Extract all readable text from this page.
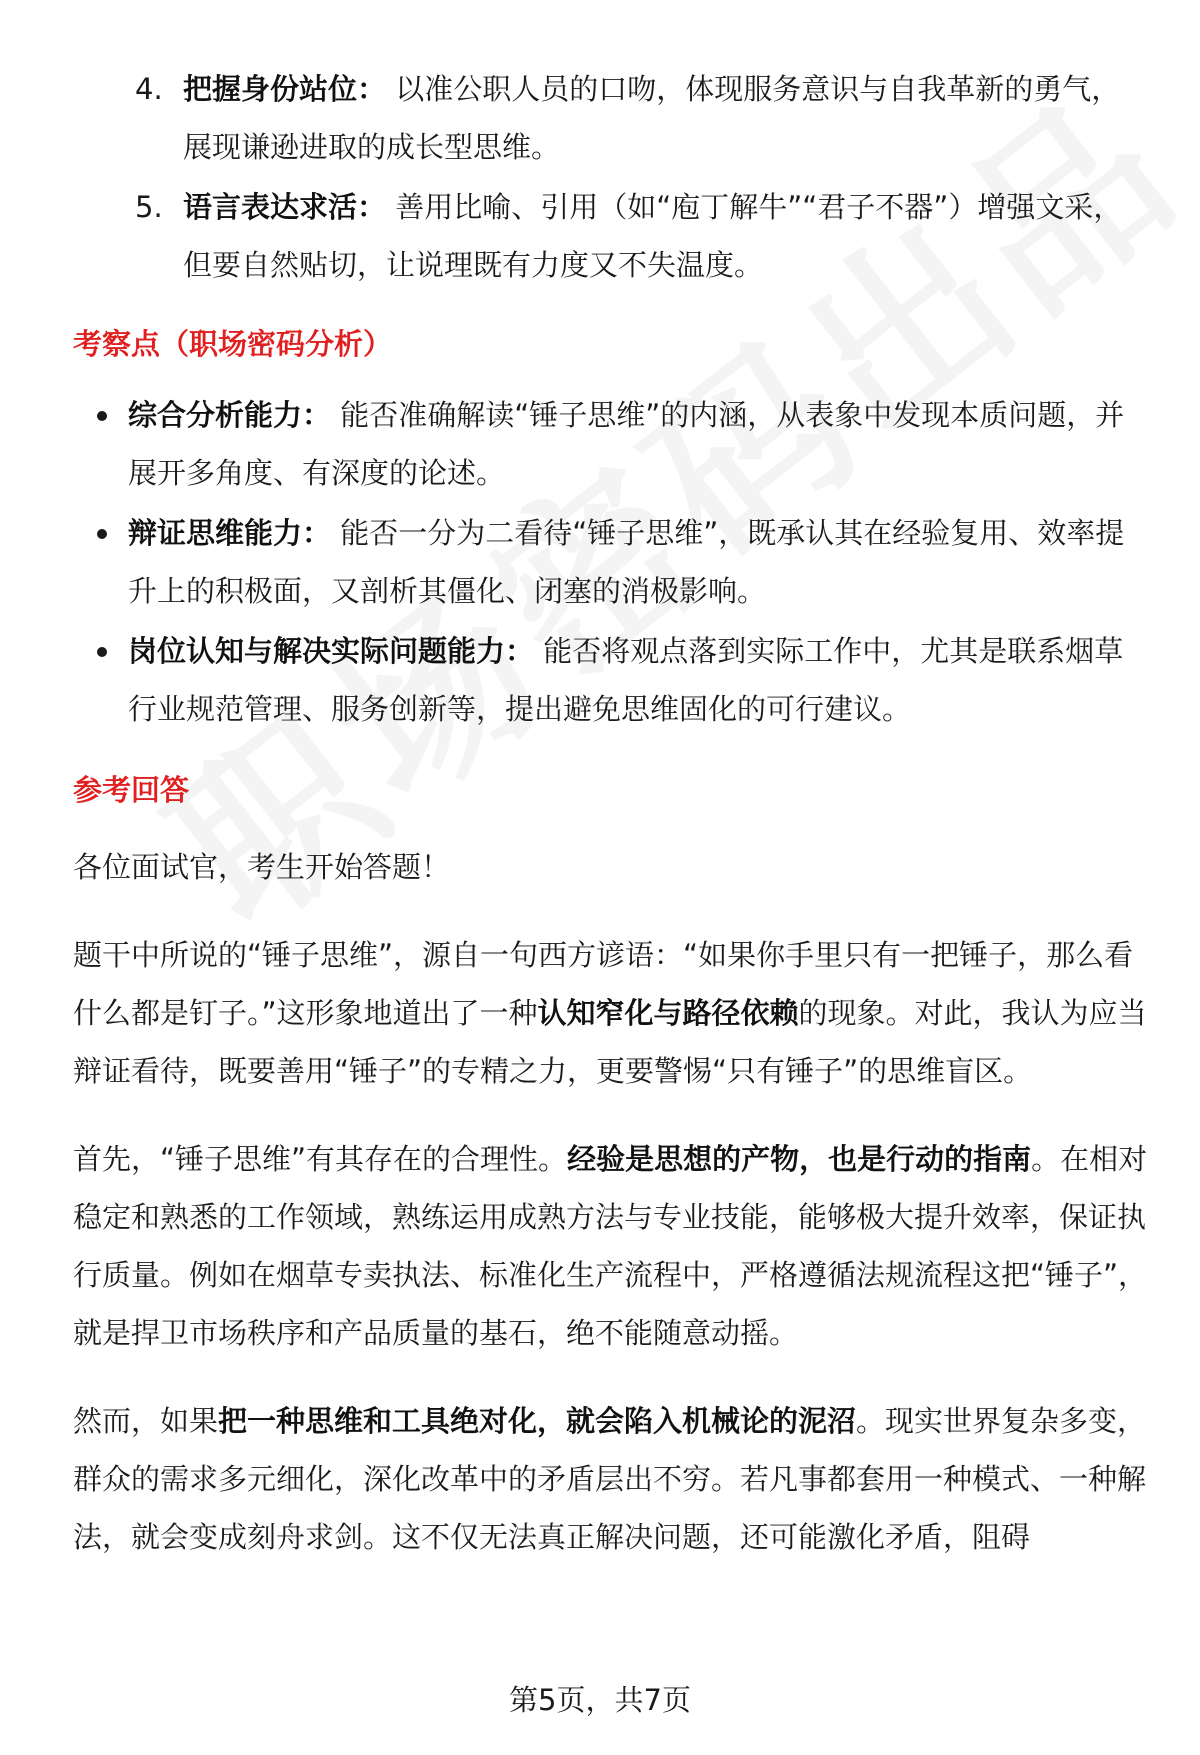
4. 把握身份站位： 以准公职人员的口吻，体现服务意识与自我革新的勇气，展现谦逊进取的成长型思维。
5. 语言表达求活： 善用比喻、引用（如“庖丁解牛”“君子不器”）增强文采，但要自然贴切，让说理既有力度又不失温度。

考察点（职场密码分析）

综合分析能力： 能否准确解读“锤子思维”的内涵，从表象中发现本质问题，并展开多角度、有深度的论述。
辩证思维能力： 能否一分为二看待“锤子思维”，既承认其在经验复用、效率提升上的积极面，又剖析其僵化、闭塞的消极影响。
岗位认知与解决实际问题能力： 能否将观点落到实际工作中，尤其是联系烟草行业规范管理、服务创新等，提出避免思维固化的可行建议。

参考回答

各位面试官，考生开始答题！

题干中所说的“锤子思维”，源自一句西方谚语：“如果你手里只有一把锤子，那么看什么都是钉子。”这形象地道出了一种认知窄化与路径依赖的现象。对此，我认为应当辩证看待，既要善用“锤子”的专精之力，更要警惕“只有锤子”的思维盲区。

首先，“锤子思维”有其存在的合理性。经验是思想的产物，也是行动的指南。在相对稳定和熟悉的工作领域，熟练运用成熟方法与专业技能，能够极大提升效率，保证执行质量。例如在烟草专卖执法、标准化生产流程中，严格遵循法规流程这把“锤子”，就是捍卫市场秩序和产品质量的基石，绝不能随意动摇。

然而，如果把一种思维和工具绝对化，就会陷入机械论的泥沼。现实世界复杂多变，群众的需求多元细化，深化改革中的矛盾层出不穷。若凡事都套用一种模式、一种解法，就会变成刻舟求剑。这不仅无法真正解决问题，还可能激化矛盾，阻碍

第5页，共7页
